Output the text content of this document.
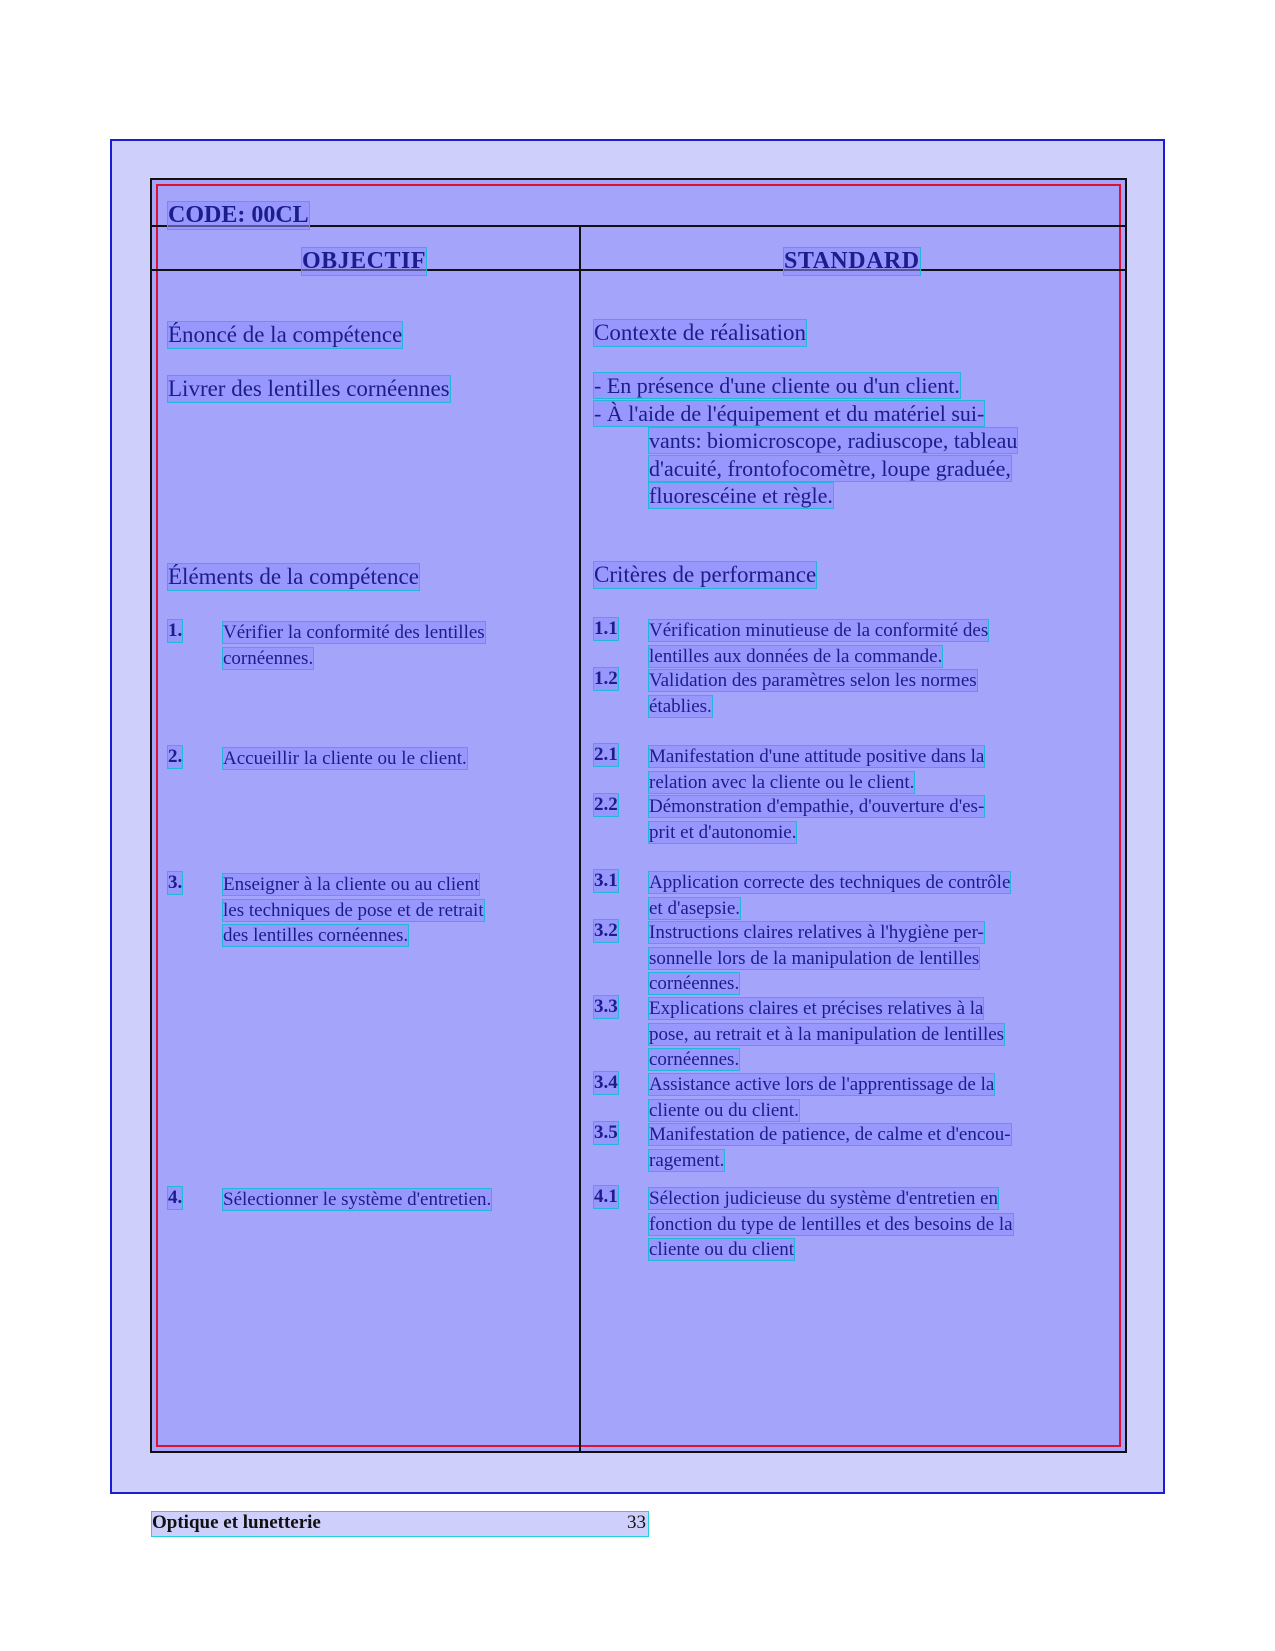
CODE: 00CL
OBJECTIF	STANDARD
Énoncé de la compétence
Livrer des lentilles cornéennes
Éléments de la compétence
1. Vérifier la conformité des lentilles
cornéennes.
2. Accueillir la cliente ou le client.
3. Enseigner à la cliente ou au client
les techniques de pose et de retrait
des lentilles cornéennes.
4. Sélectionner le système d'entretien.
Contexte de réalisation
- En présence d'une cliente ou d'un client.
- À l'aide de l'équipement et du matériel sui-
vants: biomicroscope, radiuscope, tableau
d'acuité, frontofocomètre, loupe graduée,
fluorescéine et règle.
Critères de performance
1.1 Vérification minutieuse de la conformité des
lentilles aux données de la commande.
1.2 Validation des paramètres selon les normes
établies.
2.1 Manifestation d'une attitude positive dans la
relation avec la cliente ou le client.
2.2 Démonstration d'empathie, d'ouverture d'es-
prit et d'autonomie.
3.1 Application correcte des techniques de contrôle
et d'asepsie.
3.2 Instructions claires relatives à l'hygiène per-
sonnelle lors de la manipulation de lentilles
cornéennes.
3.3 Explications claires et précises relatives à la
pose, au retrait et à la manipulation de lentilles
cornéennes.
3.4 Assistance active lors de l'apprentissage de la
cliente ou du client.
3.5 Manifestation de patience, de calme et d'encou-
ragement.
4.1 Sélection judicieuse du système d'entretien en
fonction du type de lentilles et des besoins de la
cliente ou du client
Optique et lunetterie	33
